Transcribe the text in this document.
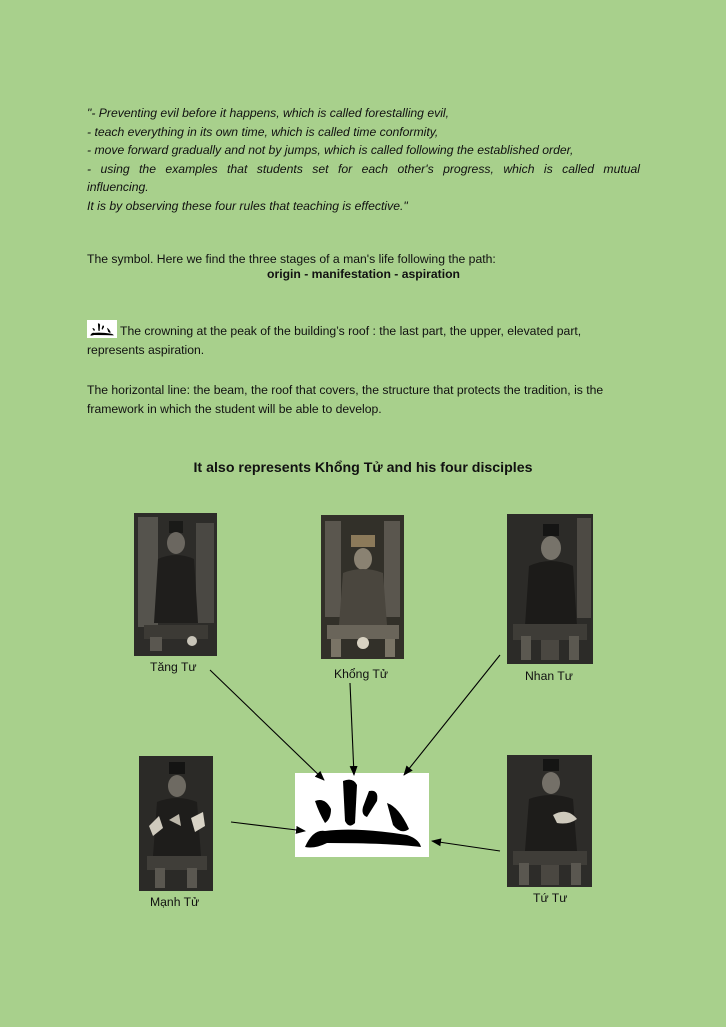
"- Preventing evil before it happens, which is called forestalling evil,
- teach everything in its own time, which is called time conformity,
- move forward gradually and not by jumps, which is called following the established order,
- using the examples that students set for each other's progress, which is called mutual
influencing.
It is by observing these four rules that teaching is effective."
The symbol. Here we find the three stages of a man's life following the path:
origin - manifestation - aspiration
The crowning at the peak of the building’s roof : the last part, the upper, elevated part, represents aspiration.
The horizontal line: the beam, the roof that covers, the structure that protects the tradition, is the framework in which the student will be able to develop.
It also represents Khổng Tử and his four disciples
Tăng Tư	Khổng Tử	Nhan Tư
Mạnh Tử	Tứ Tư
